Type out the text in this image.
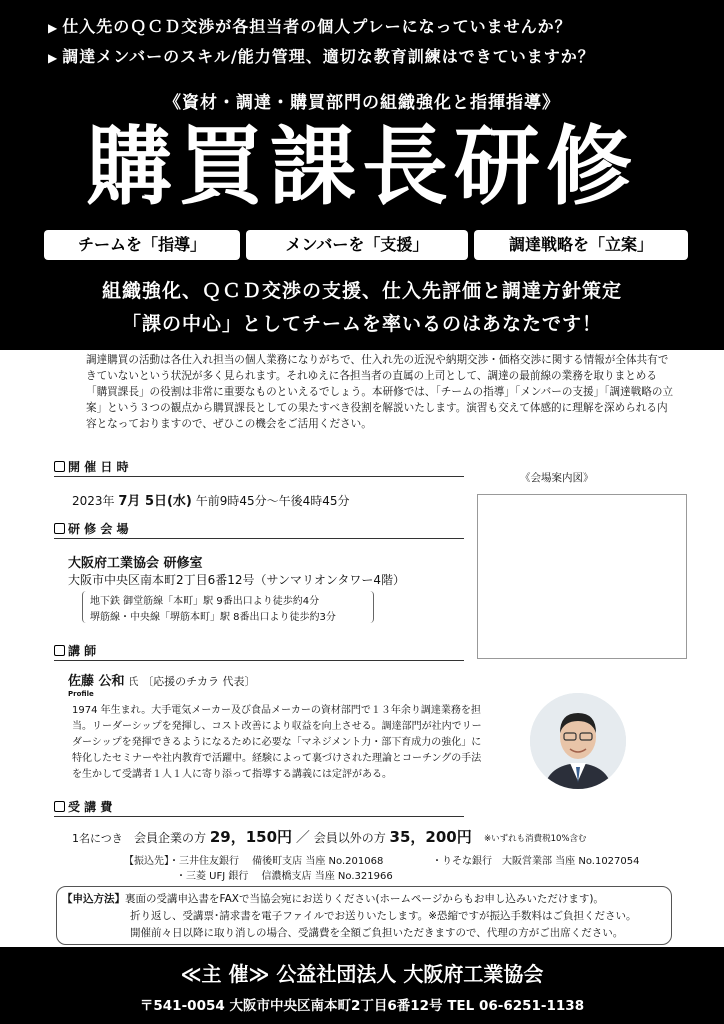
▶ 仕入先のＱＣＤ交渉が各担当者の個人プレーになっていませんか？
▶ 調達メンバーのスキル/能力管理、適切な教育訓練はできていますか？
《資材・調達・購買部門の組織強化と指揮指導》
購買課長研修
チームを「指導」	メンバーを「支援」	調達戦略を「立案」
組織強化、ＱＣＤ交渉の支援、仕入先評価と調達方針策定
「課の中心」としてチームを率いるのはあなたです！
調達購買の活動は各仕入れ担当の個人業務になりがちで、仕入れ先の近況や納期交渉・価格交渉に関する情報が全体共有できていないという状況が多く見られます。それゆえに各担当者の直属の上司として、調達の最前線の業務を取りまとめる「購買課長」の役割は非常に重要なものといえるでしょう。本研修では、「チームの指導」「メンバーの支援」「調達戦略の立案」という３つの観点から購買課長としての果たすべき役割を解説いたします。演習も交えて体感的に理解を深められる内容となっておりますので、ぜひこの機会をご活用ください。
開 催 日 時
2023年 7月 5日(水) 午前9時45分～午後4時45分
《会場案内図》
研 修 会 場
大阪府工業協会 研修室
大阪市中央区南本町2丁目6番12号（サンマリオンタワー4階）
地下鉄 御堂筋線「本町」駅 9番出口より徒歩約4分
堺筋線・中央線「堺筋本町」駅 8番出口より徒歩約3分
講 師
佐藤 公和 氏 〔応援のチカラ 代表〕
Profile
1974 年生まれ。大手電気メーカー及び食品メーカーの資材部門で１３年余り調達業務を担当。リーダーシップを発揮し、コスト改善により収益を向上させる。調達部門が社内でリーダーシップを発揮できるようになるために必要な「マネジメント力・部下育成力の強化」に特化したセミナーや社内教育で活躍中。経験によって裏づけされた理論とコーチングの手法を生かして受講者１人１人に寄り添って指導する講義には定評がある。
受 講 費
1名につき 会員企業の方 29，150円 ／ 会員以外の方 35，200円 ※いずれも消費税10%含む
【振込先】・三井住友銀行　 備後町支店 当座 No.201068	・りそな銀行　大阪営業部 当座 No.1027054
・三菱 UFJ 銀行　 信濃橋支店 当座 No.321966
【申込方法】裏面の受講申込書をFAXで当協会宛にお送りください(ホームページからもお申し込みいただけます)。
折り返し、受講票･請求書を電子ファイルでお送りいたします。※恐縮ですが振込手数料はご負担ください。
開催前々日以降に取り消しの場合、受講費を全額ご負担いただきますので、代理の方がご出席ください。
≪主 催≫ 公益社団法人 大阪府工業協会
〒541-0054 大阪市中央区南本町2丁目6番12号 TEL 06-6251-1138
